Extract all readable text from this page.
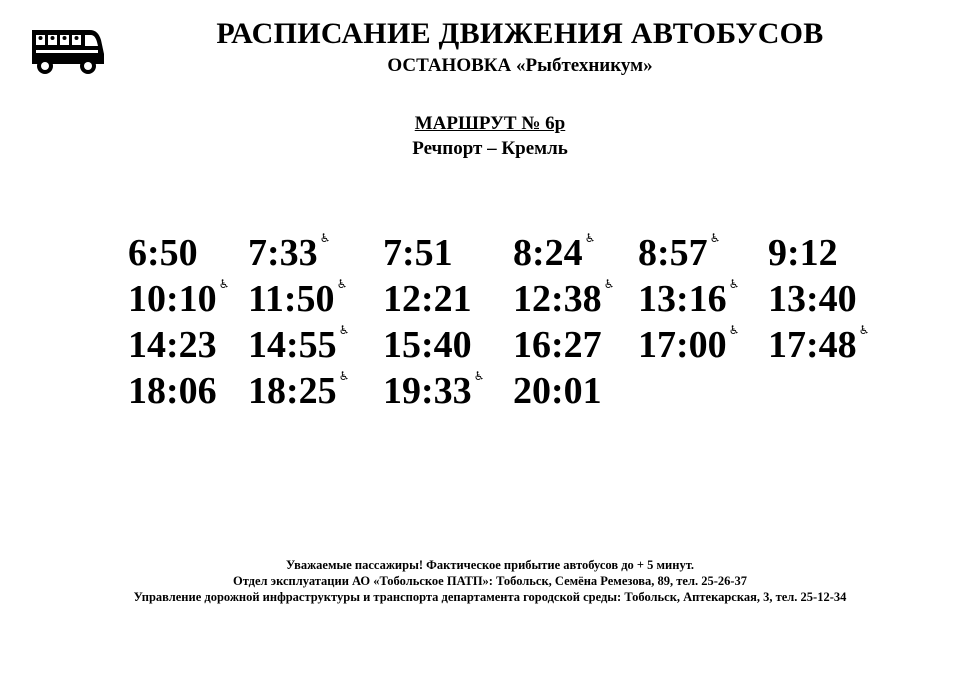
РАСПИСАНИЕ ДВИЖЕНИЯ АВТОБУСОВ
ОСТАНОВКА «Рыбтехникум»
МАРШРУТ № 6р
Речпорт – Кремль
6:50	7:33 ♿	7:51	8:24 ♿	8:57 ♿	9:12
10:10 ♿ 11:50 ♿ 12:21	12:38 ♿ 13:16 ♿ 13:40
14:23 14:55 ♿ 15:40	16:27 17:00 ♿ 17:48 ♿
18:06 18:25 ♿ 19:33 ♿ 20:01
Уважаемые пассажиры! Фактическое прибытие автобусов до + 5 минут.
Отдел эксплуатации АО «Тобольское ПАТП»: Тобольск, Семёна Ремезова, 89, тел. 25-26-37
Управление дорожной инфраструктуры и транспорта департамента городской среды: Тобольск, Аптекарская, 3, тел. 25-12-34
